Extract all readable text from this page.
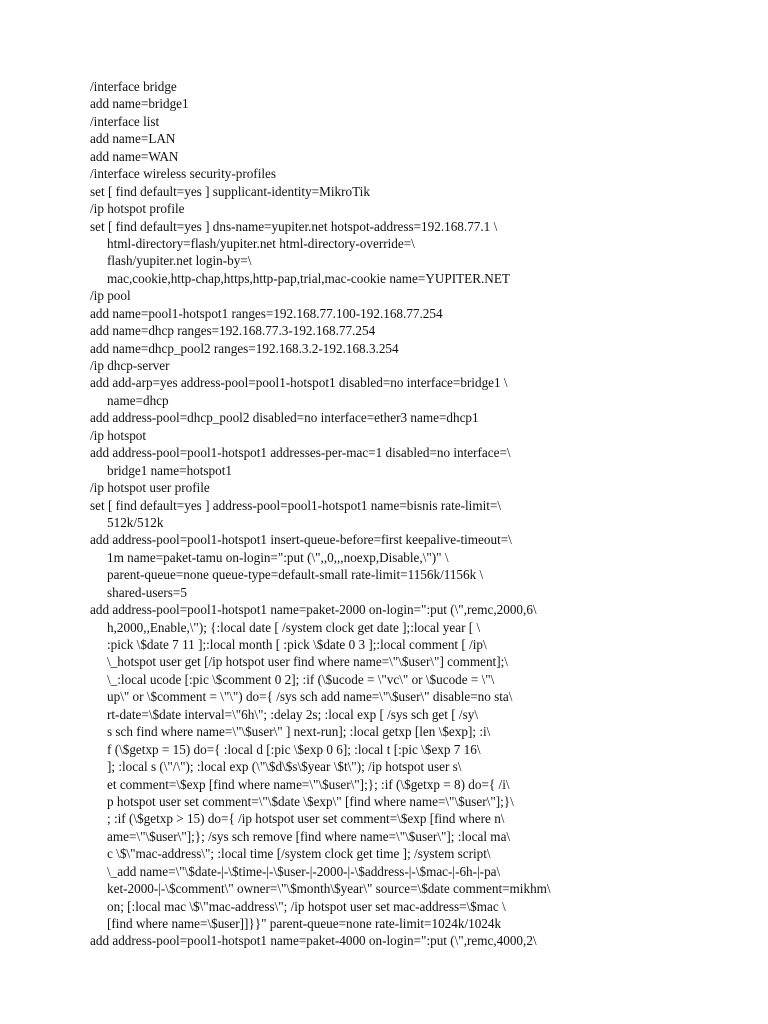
/interface bridge
add name=bridge1
/interface list
add name=LAN
add name=WAN
/interface wireless security-profiles
set [ find default=yes ] supplicant-identity=MikroTik
/ip hotspot profile
set [ find default=yes ] dns-name=yupiter.net hotspot-address=192.168.77.1 \
html-directory=flash/yupiter.net html-directory-override=\
flash/yupiter.net login-by=\
mac,cookie,http-chap,https,http-pap,trial,mac-cookie name=YUPITER.NET
/ip pool
add name=pool1-hotspot1 ranges=192.168.77.100-192.168.77.254
add name=dhcp ranges=192.168.77.3-192.168.77.254
add name=dhcp_pool2 ranges=192.168.3.2-192.168.3.254
/ip dhcp-server
add add-arp=yes address-pool=pool1-hotspot1 disabled=no interface=bridge1 \
name=dhcp
add address-pool=dhcp_pool2 disabled=no interface=ether3 name=dhcp1
/ip hotspot
add address-pool=pool1-hotspot1 addresses-per-mac=1 disabled=no interface=\
bridge1 name=hotspot1
/ip hotspot user profile
set [ find default=yes ] address-pool=pool1-hotspot1 name=bisnis rate-limit=\
512k/512k
add address-pool=pool1-hotspot1 insert-queue-before=first keepalive-timeout=\
1m name=paket-tamu on-login=":put (\",,0,,,noexp,Disable,\")" \
parent-queue=none queue-type=default-small rate-limit=1156k/1156k \
shared-users=5
add address-pool=pool1-hotspot1 name=paket-2000 on-login=":put (\",remc,2000,6\
h,2000,,Enable,\"); {:local date [ /system clock get date ];:local year [ \
:pick \$date 7 11 ];:local month [ :pick \$date 0 3 ];:local comment [ /ip\
\_hotspot user get [/ip hotspot user find where name=\"\$user\"] comment];\
\_:local ucode [:pic \$comment 0 2]; :if (\$ucode = \"vc\" or \$ucode = \"\
up\" or \$comment = \"\") do={ /sys sch add name=\"\$user\" disable=no sta\
rt-date=\$date interval=\"6h\"; :delay 2s; :local exp [ /sys sch get [ /sy\
s sch find where name=\"\$user\" ] next-run]; :local getxp [len \$exp]; :i\
f (\$getxp = 15) do={ :local d [:pic \$exp 0 6]; :local t [:pic \$exp 7 16\
]; :local s (\"/\"); :local exp (\"\$d\$s\$year \$t\"); /ip hotspot user s\
et comment=\$exp [find where name=\"\$user\"];}; :if (\$getxp = 8) do={ /i\
p hotspot user set comment=\"\$date \$exp\" [find where name=\"\$user\"];}\
; :if (\$getxp > 15) do={ /ip hotspot user set comment=\$exp [find where n\
ame=\"\$user\"];}; /sys sch remove [find where name=\"\$user\"]; :local ma\
c \$\"mac-address\"; :local time [/system clock get time ]; /system script\
\_add name=\"\$date-|-\$time-|-\$user-|-2000-|-\$address-|-\$mac-|-6h-|-pa\
ket-2000-|-\$comment\" owner=\"\$month\$year\" source=\$date comment=mikhm\
on; [:local mac \$\"mac-address\"; /ip hotspot user set mac-address=\$mac \
[find where name=\$user]]}}" parent-queue=none rate-limit=1024k/1024k
add address-pool=pool1-hotspot1 name=paket-4000 on-login=":put (\",remc,4000,2\
